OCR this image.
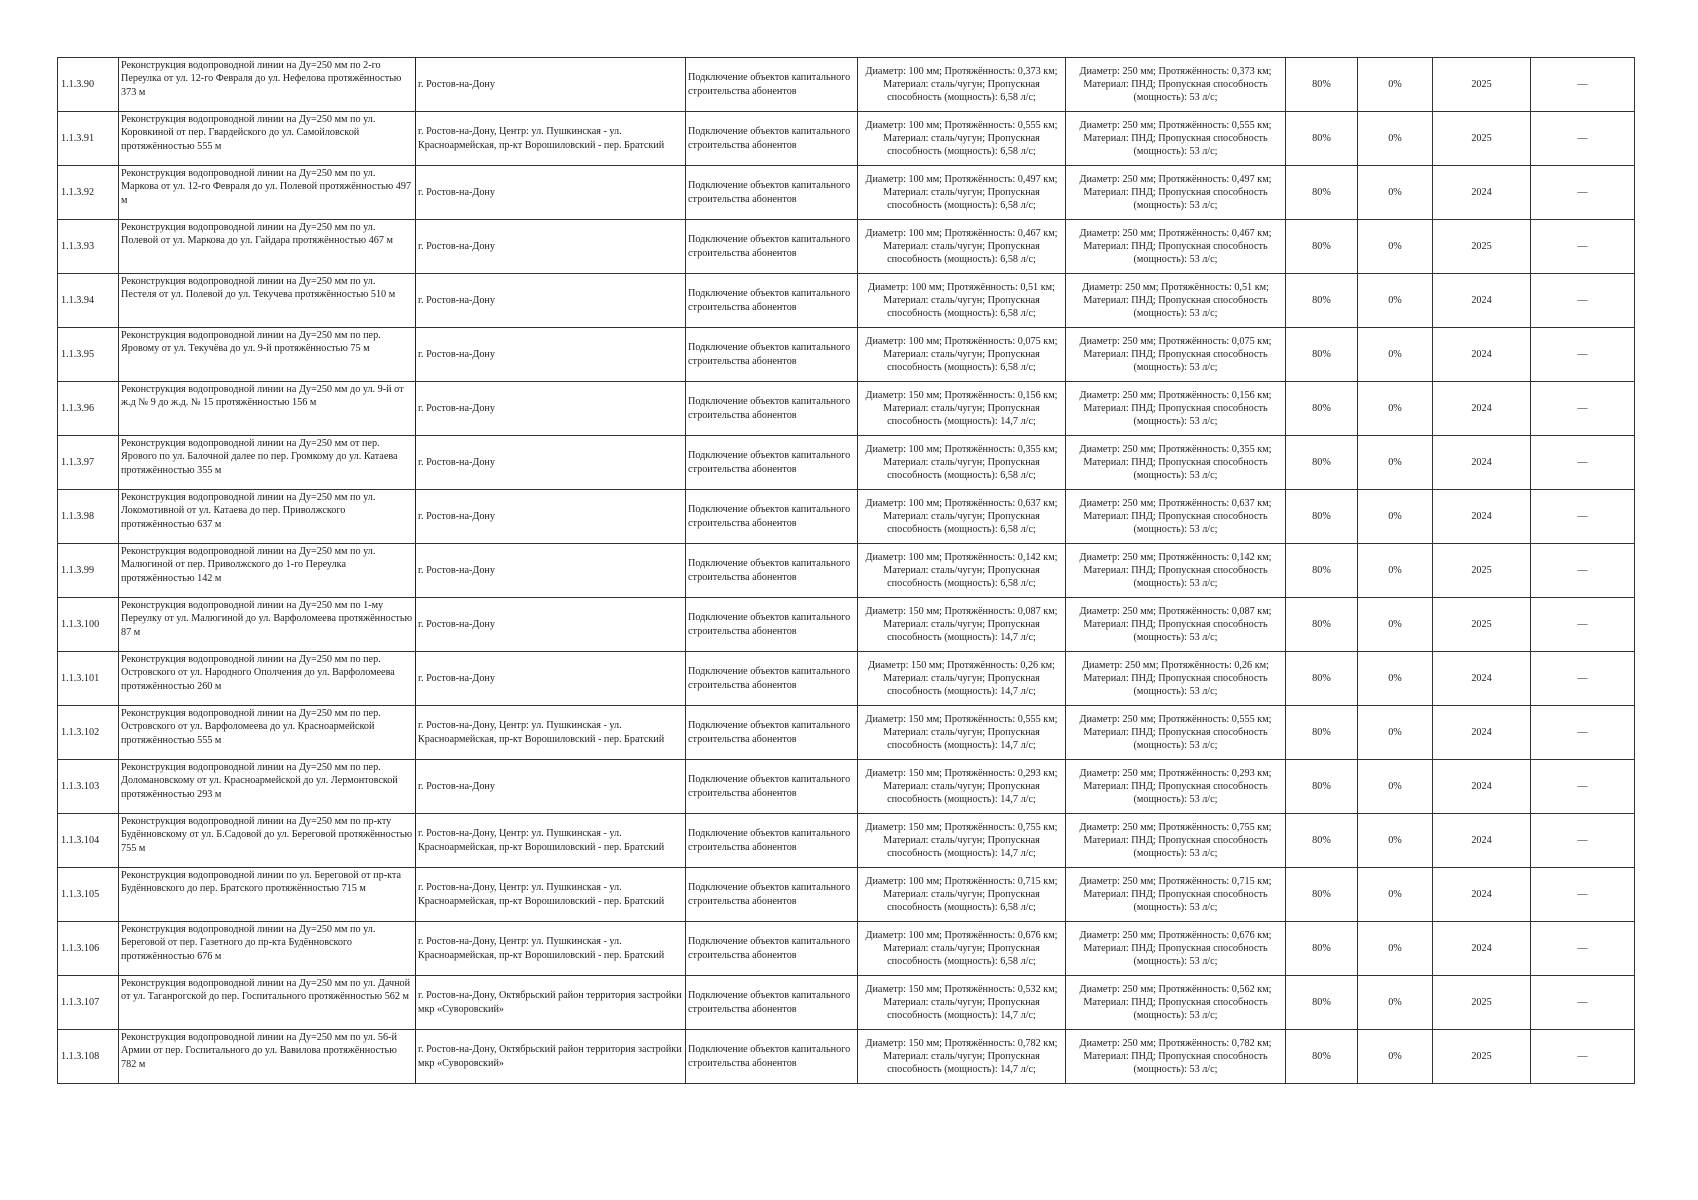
1.1.3.90	Реконструкция водопроводной линии на Ду=250 мм по 2-го Переулка от ул. 12-го Февраля до ул. Нефелова протяжённостью 373 м	г. Ростов-на-Дону	Подключение объектов капитального строительства абонентов	Диаметр: 100 мм; Протяжённость: 0,373 км; Материал: сталь/чугун; Пропускная способность (мощность): 6,58 л/с;	Диаметр: 250 мм; Протяжённость: 0,373 км; Материал: ПНД; Пропускная способность (мощность): 53 л/с;	80%	0%	2025	—
1.1.3.91	Реконструкция водопроводной линии на Ду=250 мм по ул. Коровкиной от пер. Гвардейского до ул. Самойловской протяжённостью 555 м	г. Ростов-на-Дону, Центр: ул. Пушкинская - ул. Красноармейская, пр-кт Ворошиловский - пер. Братский	Подключение объектов капитального строительства абонентов	Диаметр: 100 мм; Протяжённость: 0,555 км; Материал: сталь/чугун; Пропускная способность (мощность): 6,58 л/с;	Диаметр: 250 мм; Протяжённость: 0,555 км; Материал: ПНД; Пропускная способность (мощность): 53 л/с;	80%	0%	2025	—
1.1.3.92	Реконструкция водопроводной линии на Ду=250 мм по ул. Маркова от ул. 12-го Февраля до ул. Полевой протяжённостью 497 м	г. Ростов-на-Дону	Подключение объектов капитального строительства абонентов	Диаметр: 100 мм; Протяжённость: 0,497 км; Материал: сталь/чугун; Пропускная способность (мощность): 6,58 л/с;	Диаметр: 250 мм; Протяжённость: 0,497 км; Материал: ПНД; Пропускная способность (мощность): 53 л/с;	80%	0%	2024	—
1.1.3.93	Реконструкция водопроводной линии на Ду=250 мм по ул. Полевой от ул. Маркова до ул. Гайдара протяжённостью 467 м	г. Ростов-на-Дону	Подключение объектов капитального строительства абонентов	Диаметр: 100 мм; Протяжённость: 0,467 км; Материал: сталь/чугун; Пропускная способность (мощность): 6,58 л/с;	Диаметр: 250 мм; Протяжённость: 0,467 км; Материал: ПНД; Пропускная способность (мощность): 53 л/с;	80%	0%	2025	—
1.1.3.94	Реконструкция водопроводной линии на Ду=250 мм по ул. Пестеля от ул. Полевой до ул. Текучева протяжённостью 510 м	г. Ростов-на-Дону	Подключение объектов капитального строительства абонентов	Диаметр: 100 мм; Протяжённость: 0,51 км; Материал: сталь/чугун; Пропускная способность (мощность): 6,58 л/с;	Диаметр: 250 мм; Протяжённость: 0,51 км; Материал: ПНД; Пропускная способность (мощность): 53 л/с;	80%	0%	2024	—
1.1.3.95	Реконструкция водопроводной линии на Ду=250 мм по пер. Яровому от ул. Текучёва до ул. 9-й протяжённостью 75 м	г. Ростов-на-Дону	Подключение объектов капитального строительства абонентов	Диаметр: 100 мм; Протяжённость: 0,075 км; Материал: сталь/чугун; Пропускная способность (мощность): 6,58 л/с;	Диаметр: 250 мм; Протяжённость: 0,075 км; Материал: ПНД; Пропускная способность (мощность): 53 л/с;	80%	0%	2024	—
1.1.3.96	Реконструкция водопроводной линии на Ду=250 мм до ул. 9-й от ж.д № 9 до ж.д. № 15 протяжённостью 156 м	г. Ростов-на-Дону	Подключение объектов капитального строительства абонентов	Диаметр: 150 мм; Протяжённость: 0,156 км; Материал: сталь/чугун; Пропускная способность (мощность): 14,7 л/с;	Диаметр: 250 мм; Протяжённость: 0,156 км; Материал: ПНД; Пропускная способность (мощность): 53 л/с;	80%	0%	2024	—
1.1.3.97	Реконструкция водопроводной линии на Ду=250 мм от пер. Ярового по ул. Балочной далее по пер. Громкому до ул. Катаева протяжённостью 355 м	г. Ростов-на-Дону	Подключение объектов капитального строительства абонентов	Диаметр: 100 мм; Протяжённость: 0,355 км; Материал: сталь/чугун; Пропускная способность (мощность): 6,58 л/с;	Диаметр: 250 мм; Протяжённость: 0,355 км; Материал: ПНД; Пропускная способность (мощность): 53 л/с;	80%	0%	2024	—
1.1.3.98	Реконструкция водопроводной линии на Ду=250 мм по ул. Локомотивной от ул. Катаева до пер. Приволжского протяжённостью 637 м	г. Ростов-на-Дону	Подключение объектов капитального строительства абонентов	Диаметр: 100 мм; Протяжённость: 0,637 км; Материал: сталь/чугун; Пропускная способность (мощность): 6,58 л/с;	Диаметр: 250 мм; Протяжённость: 0,637 км; Материал: ПНД; Пропускная способность (мощность): 53 л/с;	80%	0%	2024	—
1.1.3.99	Реконструкция водопроводной линии на Ду=250 мм по ул. Малюгиной от пер. Приволжского до 1-го Переулка протяжённостью 142 м	г. Ростов-на-Дону	Подключение объектов капитального строительства абонентов	Диаметр: 100 мм; Протяжённость: 0,142 км; Материал: сталь/чугун; Пропускная способность (мощность): 6,58 л/с;	Диаметр: 250 мм; Протяжённость: 0,142 км; Материал: ПНД; Пропускная способность (мощность): 53 л/с;	80%	0%	2025	—
1.1.3.100	Реконструкция водопроводной линии на Ду=250 мм по 1-му Переулку от ул. Малюгиной до ул. Варфоломеева протяжённостью 87 м	г. Ростов-на-Дону	Подключение объектов капитального строительства абонентов	Диаметр: 150 мм; Протяжённость: 0,087 км; Материал: сталь/чугун; Пропускная способность (мощность): 14,7 л/с;	Диаметр: 250 мм; Протяжённость: 0,087 км; Материал: ПНД; Пропускная способность (мощность): 53 л/с;	80%	0%	2025	—
1.1.3.101	Реконструкция водопроводной линии на Ду=250 мм по пер. Островского от ул. Народного Ополчения до ул. Варфоломеева протяжённостью 260 м	г. Ростов-на-Дону	Подключение объектов капитального строительства абонентов	Диаметр: 150 мм; Протяжённость: 0,26 км; Материал: сталь/чугун; Пропускная способность (мощность): 14,7 л/с;	Диаметр: 250 мм; Протяжённость: 0,26 км; Материал: ПНД; Пропускная способность (мощность): 53 л/с;	80%	0%	2024	—
1.1.3.102	Реконструкция водопроводной линии на Ду=250 мм по пер. Островского от ул. Варфоломеева до ул. Красноармейской протяжённостью 555 м	г. Ростов-на-Дону, Центр: ул. Пушкинская - ул. Красноармейская, пр-кт Ворошиловский - пер. Братский	Подключение объектов капитального строительства абонентов	Диаметр: 150 мм; Протяжённость: 0,555 км; Материал: сталь/чугун; Пропускная способность (мощность): 14,7 л/с;	Диаметр: 250 мм; Протяжённость: 0,555 км; Материал: ПНД; Пропускная способность (мощность): 53 л/с;	80%	0%	2024	—
1.1.3.103	Реконструкция водопроводной линии на Ду=250 мм по пер. Доломановскому от ул. Красноармейской до ул. Лермонтовской протяжённостью 293 м	г. Ростов-на-Дону	Подключение объектов капитального строительства абонентов	Диаметр: 150 мм; Протяжённость: 0,293 км; Материал: сталь/чугун; Пропускная способность (мощность): 14,7 л/с;	Диаметр: 250 мм; Протяжённость: 0,293 км; Материал: ПНД; Пропускная способность (мощность): 53 л/с;	80%	0%	2024	—
1.1.3.104	Реконструкция водопроводной линии на Ду=250 мм по пр-кту Будённовскому от ул. Б.Садовой до ул. Береговой протяжённостью 755 м	г. Ростов-на-Дону, Центр: ул. Пушкинская - ул. Красноармейская, пр-кт Ворошиловский - пер. Братский	Подключение объектов капитального строительства абонентов	Диаметр: 150 мм; Протяжённость: 0,755 км; Материал: сталь/чугун; Пропускная способность (мощность): 14,7 л/с;	Диаметр: 250 мм; Протяжённость: 0,755 км; Материал: ПНД; Пропускная способность (мощность): 53 л/с;	80%	0%	2024	—
1.1.3.105	Реконструкция водопроводной линии по ул. Береговой от пр-кта Будённовского до пер. Братского протяжённостью 715 м	г. Ростов-на-Дону, Центр: ул. Пушкинская - ул. Красноармейская, пр-кт Ворошиловский - пер. Братский	Подключение объектов капитального строительства абонентов	Диаметр: 100 мм; Протяжённость: 0,715 км; Материал: сталь/чугун; Пропускная способность (мощность): 6,58 л/с;	Диаметр: 250 мм; Протяжённость: 0,715 км; Материал: ПНД; Пропускная способность (мощность): 53 л/с;	80%	0%	2024	—
1.1.3.106	Реконструкция водопроводной линии на Ду=250 мм по ул. Береговой от пер. Газетного до пр-кта Будённовского протяжённостью 676 м	г. Ростов-на-Дону, Центр: ул. Пушкинская - ул. Красноармейская, пр-кт Ворошиловский - пер. Братский	Подключение объектов капитального строительства абонентов	Диаметр: 100 мм; Протяжённость: 0,676 км; Материал: сталь/чугун; Пропускная способность (мощность): 6,58 л/с;	Диаметр: 250 мм; Протяжённость: 0,676 км; Материал: ПНД; Пропускная способность (мощность): 53 л/с;	80%	0%	2024	—
1.1.3.107	Реконструкция водопроводной линии на Ду=250 мм по ул. Дачной от ул. Таганрогской до пер. Госпитального протяжённостью 562 м	г. Ростов-на-Дону, Октябрьский район территория застройки мкр «Суворовский»	Подключение объектов капитального строительства абонентов	Диаметр: 150 мм; Протяжённость: 0,532 км; Материал: сталь/чугун; Пропускная способность (мощность): 14,7 л/с;	Диаметр: 250 мм; Протяжённость: 0,562 км; Материал: ПНД; Пропускная способность (мощность): 53 л/с;	80%	0%	2025	—
1.1.3.108	Реконструкция водопроводной линии на Ду=250 мм по ул. 56-й Армии от пер. Госпитального до ул. Вавилова протяжённостью 782 м	г. Ростов-на-Дону, Октябрьский район территория застройки мкр «Суворовский»	Подключение объектов капитального строительства абонентов	Диаметр: 150 мм; Протяжённость: 0,782 км; Материал: сталь/чугун; Пропускная способность (мощность): 14,7 л/с;	Диаметр: 250 мм; Протяжённость: 0,782 км; Материал: ПНД; Пропускная способность (мощность): 53 л/с;	80%	0%	2025	—
